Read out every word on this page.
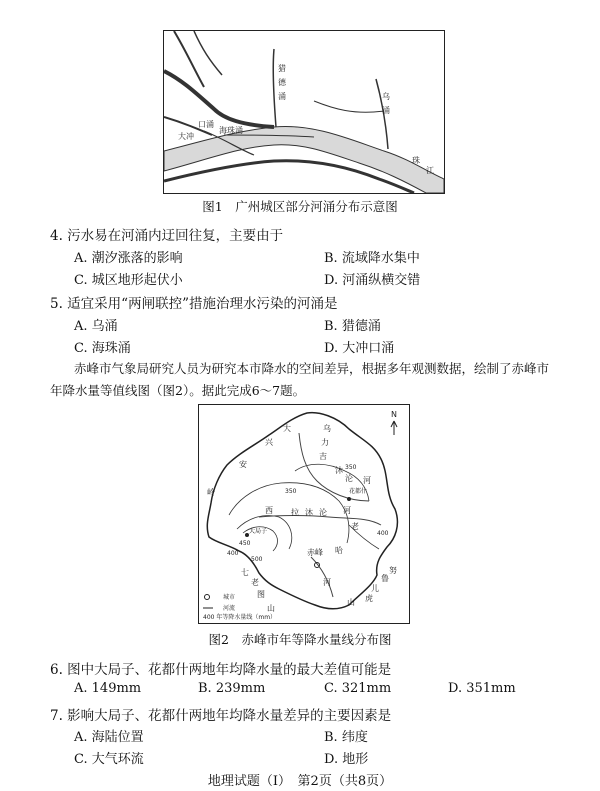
猎 德 涌	乌 涌
大冲
口涌
海珠涌
珠 江
图1　广州城区部分河涌分布示意图
4. 污水易在河涌内迂回往复，主要由于
A. 潮汐涨落的影响	B. 流域降水集中
C. 城区地形起伏小	D. 河涌纵横交错
5. 适宜采用“两闸联控”措施治理水污染的河涌是
A. 乌涌	B. 猎德涌
C. 海珠涌	D. 大冲口涌
赤峰市气象局研究人员为研究本市降水的空间差异，根据多年观测数据，绘制了赤峰市
年降水量等值线图（图2）。据此完成6～7题。
N
大
兴
安
岭
乌
力
吉
沐
沦 河
350
花都什
350
西 拉 沐 沦 河
老
哈
河
400
450
500
400
大局子
赤峰
七
老
图
山
努
鲁
儿
虎
山
城市
河流
400 年等降水量线（mm）
图2　赤峰市年等降水量线分布图
6. 图中大局子、花都什两地年均降水量的最大差值可能是
A. 149mm	B. 239mm	C. 321mm	D. 351mm
7. 影响大局子、花都什两地年均降水量差异的主要因素是
A. 海陆位置	B. 纬度
C. 大气环流	D. 地形
地理试题（Ⅰ）　第2页（共8页）
